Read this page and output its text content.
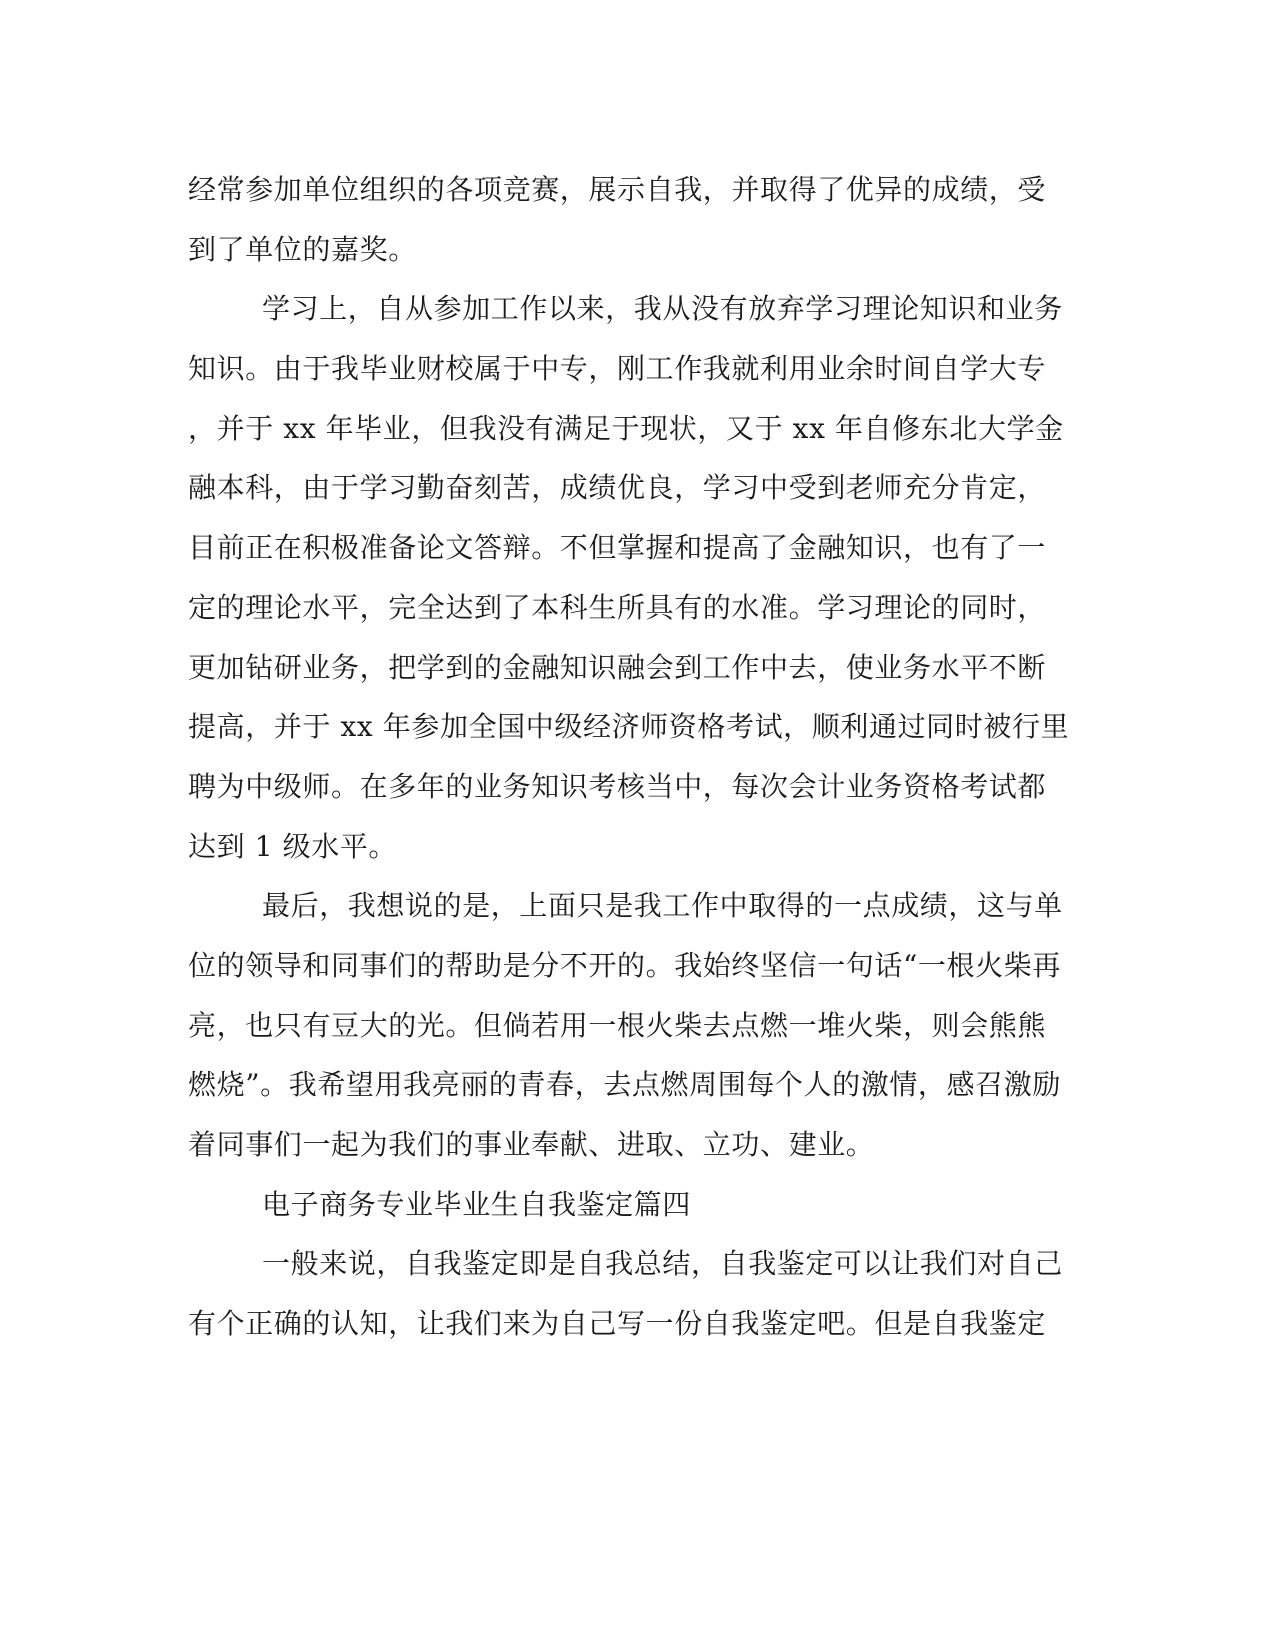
经常参加单位组织的各项竞赛，展示自我，并取得了优异的成绩，受
到了单位的嘉奖。
学习上，自从参加工作以来，我从没有放弃学习理论知识和业务
知识。由于我毕业财校属于中专，刚工作我就利用业余时间自学大专
，并于 xx 年毕业，但我没有满足于现状，又于 xx 年自修东北大学金
融本科，由于学习勤奋刻苦，成绩优良，学习中受到老师充分肯定，
目前正在积极准备论文答辩。不但掌握和提高了金融知识，也有了一
定的理论水平，完全达到了本科生所具有的水准。学习理论的同时，
更加钻研业务，把学到的金融知识融会到工作中去，使业务水平不断
提高，并于 xx 年参加全国中级经济师资格考试，顺利通过同时被行里
聘为中级师。在多年的业务知识考核当中，每次会计业务资格考试都
达到 1 级水平。
最后，我想说的是，上面只是我工作中取得的一点成绩，这与单
位的领导和同事们的帮助是分不开的。我始终坚信一句话“一根火柴再
亮，也只有豆大的光。但倘若用一根火柴去点燃一堆火柴，则会熊熊
燃烧”。我希望用我亮丽的青春，去点燃周围每个人的激情，感召激励
着同事们一起为我们的事业奉献、进取、立功、建业。
电子商务专业毕业生自我鉴定篇四
一般来说，自我鉴定即是自我总结，自我鉴定可以让我们对自己
有个正确的认知，让我们来为自己写一份自我鉴定吧。但是自我鉴定
